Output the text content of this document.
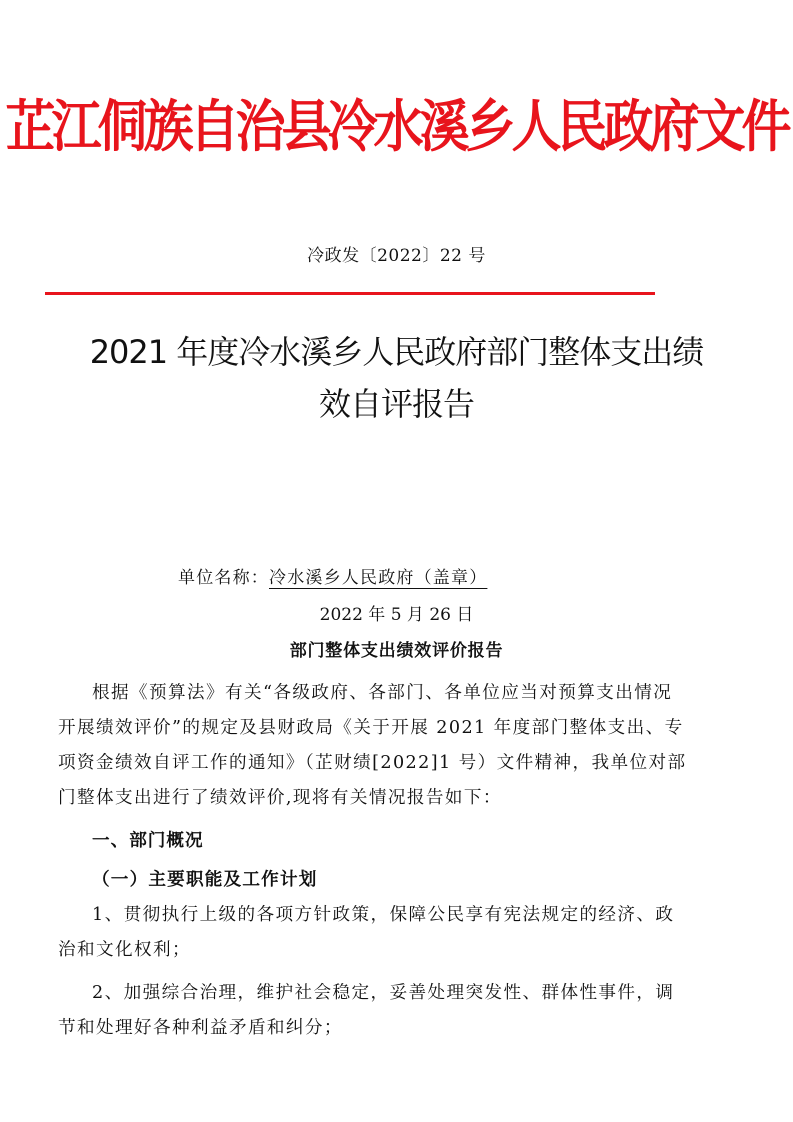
芷江侗族自治县冷水溪乡人民政府文件
冷政发〔2022〕22 号
2021 年度冷水溪乡人民政府部门整体支出绩
效自评报告
单位名称：冷水溪乡人民政府（盖章）
2022 年 5 月 26 日
部门整体支出绩效评价报告
根据《预算法》有关“各级政府、各部门、各单位应当对预算支出情况
开展绩效评价”的规定及县财政局《关于开展 2021 年度部门整体支出、专
项资金绩效自评工作的通知》（芷财绩[2022]1 号）文件精神，我单位对部
门整体支出进行了绩效评价,现将有关情况报告如下：
一、部门概况
（一）主要职能及工作计划
1、贯彻执行上级的各项方针政策，保障公民享有宪法规定的经济、政
治和文化权利；
2、加强综合治理，维护社会稳定，妥善处理突发性、群体性事件，调
节和处理好各种利益矛盾和纠分；
